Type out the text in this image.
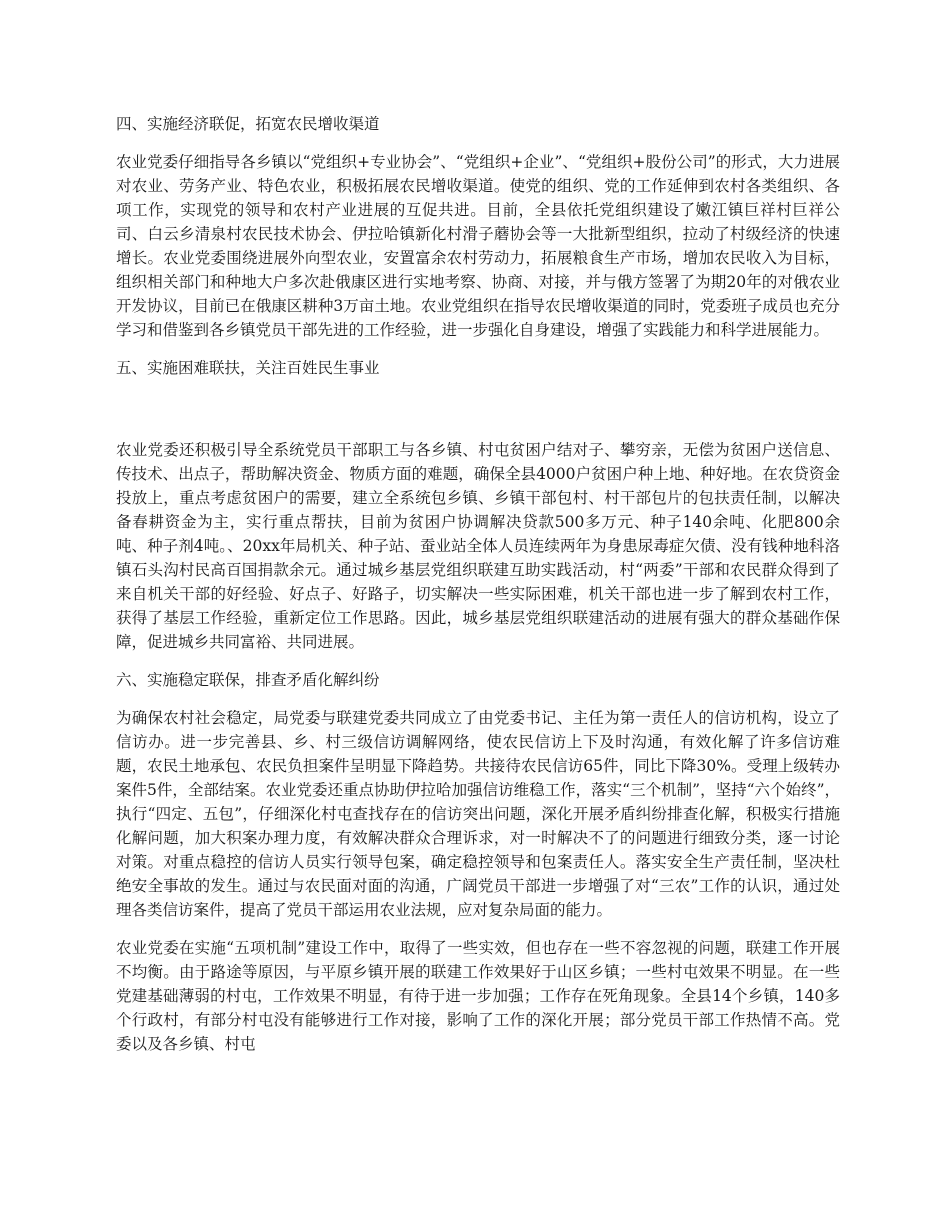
四、实施经济联促，拓宽农民增收渠道
农业党委仔细指导各乡镇以“党组织+专业协会”、“党组织+企业”、“党组织+股份公司”的形式，大力进展对农业、劳务产业、特色农业，积极拓展农民增收渠道。使党的组织、党的工作延伸到农村各类组织、各项工作，实现党的领导和农村产业进展的互促共进。目前，全县依托党组织建设了嫩江镇巨祥村巨祥公司、白云乡清泉村农民技术协会、伊拉哈镇新化村滑子蘑协会等一大批新型组织，拉动了村级经济的快速增长。农业党委围绕进展外向型农业，安置富余农村劳动力，拓展粮食生产市场，增加农民收入为目标，组织相关部门和种地大户多次赴俄康区进行实地考察、协商、对接，并与俄方签署了为期20年的对俄农业开发协议，目前已在俄康区耕种3万亩土地。农业党组织在指导农民增收渠道的同时，党委班子成员也充分学习和借鉴到各乡镇党员干部先进的工作经验，进一步强化自身建设，增强了实践能力和科学进展能力。
五、实施困难联扶，关注百姓民生事业
农业党委还积极引导全系统党员干部职工与各乡镇、村屯贫困户结对子、攀穷亲，无偿为贫困户送信息、传技术、出点子，帮助解决资金、物质方面的难题，确保全县4000户贫困户种上地、种好地。在农贷资金投放上，重点考虑贫困户的需要，建立全系统包乡镇、乡镇干部包村、村干部包片的包扶责任制，以解决备春耕资金为主，实行重点帮扶，目前为贫困户协调解决贷款500多万元、种子140余吨、化肥800余吨、种子剂4吨。、20xx年局机关、种子站、蚕业站全体人员连续两年为身患尿毒症欠债、没有钱种地科洛镇石头沟村民高百国捐款余元。通过城乡基层党组织联建互助实践活动，村“两委”干部和农民群众得到了来自机关干部的好经验、好点子、好路子，切实解决一些实际困难，机关干部也进一步了解到农村工作，获得了基层工作经验，重新定位工作思路。因此，城乡基层党组织联建活动的进展有强大的群众基础作保障，促进城乡共同富裕、共同进展。
六、实施稳定联保，排查矛盾化解纠纷
为确保农村社会稳定，局党委与联建党委共同成立了由党委书记、主任为第一责任人的信访机构，设立了信访办。进一步完善县、乡、村三级信访调解网络，使农民信访上下及时沟通，有效化解了许多信访难题，农民土地承包、农民负担案件呈明显下降趋势。共接待农民信访65件，同比下降30%。受理上级转办案件5件，全部结案。农业党委还重点协助伊拉哈加强信访维稳工作，落实“三个机制”，坚持“六个始终”，执行“四定、五包”，仔细深化村屯查找存在的信访突出问题，深化开展矛盾纠纷排查化解，积极实行措施化解问题，加大积案办理力度，有效解决群众合理诉求，对一时解决不了的问题进行细致分类，逐一讨论对策。对重点稳控的信访人员实行领导包案，确定稳控领导和包案责任人。落实安全生产责任制，坚决杜绝安全事故的发生。通过与农民面对面的沟通，广阔党员干部进一步增强了对“三农”工作的认识，通过处理各类信访案件，提高了党员干部运用农业法规，应对复杂局面的能力。
农业党委在实施“五项机制”建设工作中，取得了一些实效，但也存在一些不容忽视的问题，联建工作开展不均衡。由于路途等原因，与平原乡镇开展的联建工作效果好于山区乡镇；一些村屯效果不明显。在一些党建基础薄弱的村屯，工作效果不明显，有待于进一步加强；工作存在死角现象。全县14个乡镇，140多个行政村，有部分村屯没有能够进行工作对接，影响了工作的深化开展；部分党员干部工作热情不高。党委以及各乡镇、村屯
